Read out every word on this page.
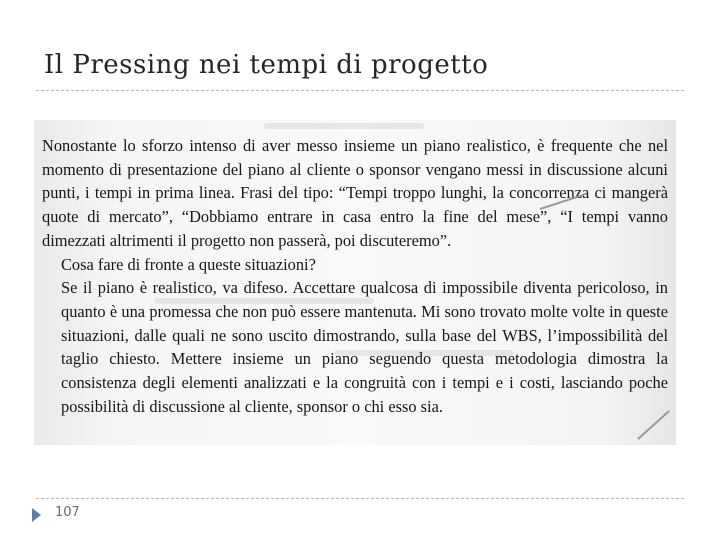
Il Pressing nei tempi di progetto
Nonostante lo sforzo intenso di aver messo insieme un piano realistico, è frequente che nel momento di presentazione del piano al cliente o sponsor vengano messi in discussione alcuni punti, i tempi in prima linea. Frasi del tipo: “Tempi troppo lunghi, la concorrenza ci mangerà quote di mercato”, “Dobbiamo entrare in casa entro la fine del mese”, “I tempi vanno dimezzati altrimenti il progetto non passerà, poi discuteremo”.
Cosa fare di fronte a queste situazioni?
Se il piano è realistico, va difeso. Accettare qualcosa di impossibile diventa pericoloso, in quanto è una promessa che non può essere mantenuta. Mi sono trovato molte volte in queste situazioni, dalle quali ne sono uscito dimostrando, sulla base del WBS, l’impossibilità del taglio chiesto. Mettere insieme un piano seguendo questa metodologia dimostra la consistenza degli elementi analizzati e la congruità con i tempi e i costi, lasciando poche possibilità di discussione al cliente, sponsor o chi esso sia.
107
